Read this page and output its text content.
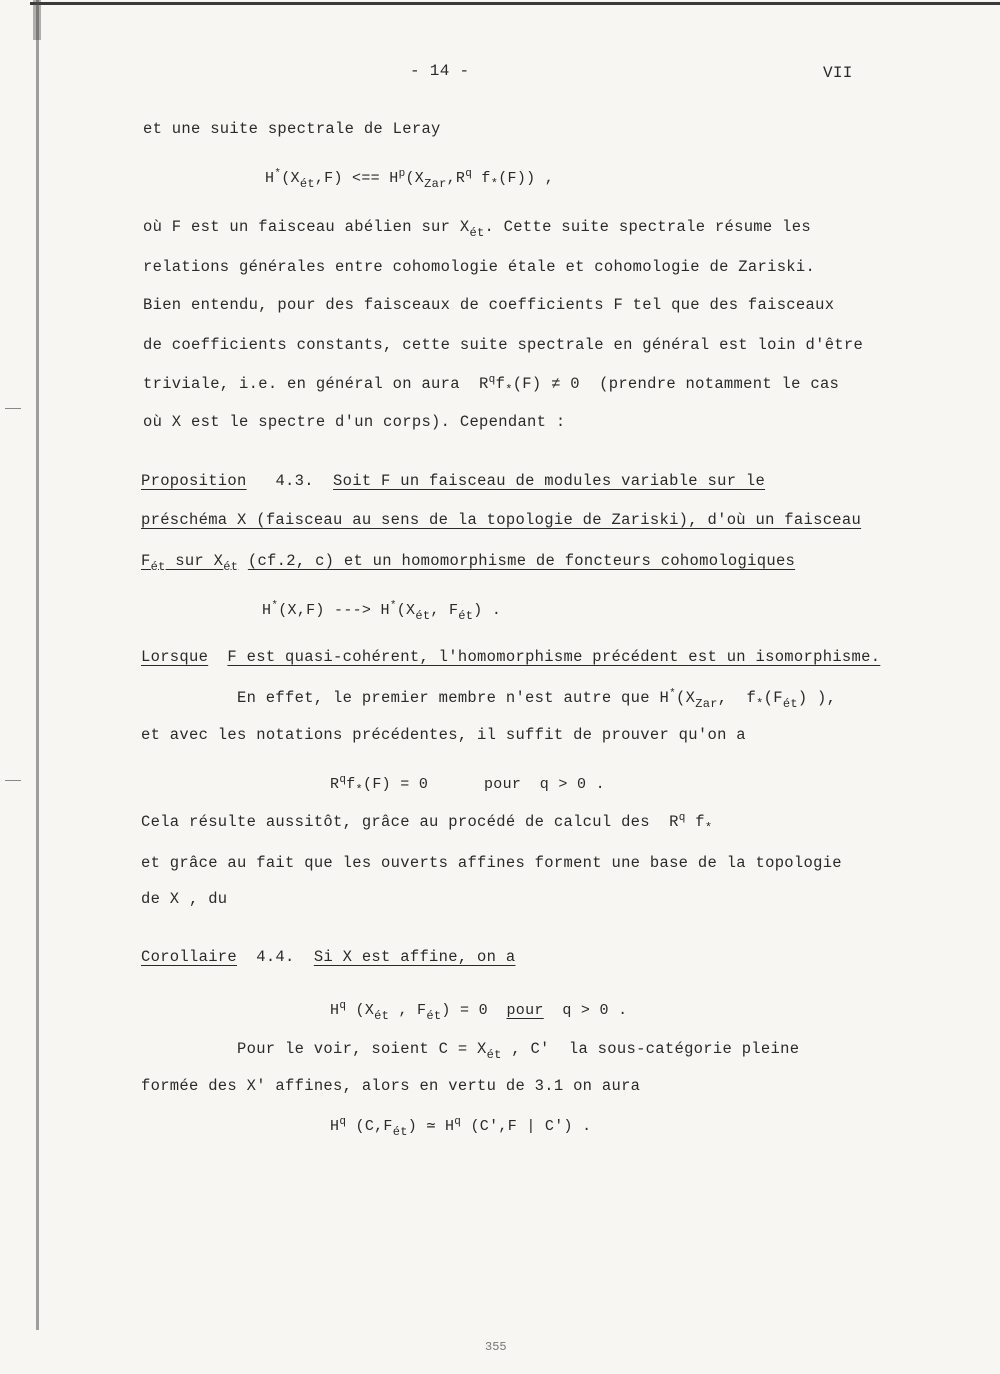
- 14 -	VII
et une suite spectrale de Leray
$H^*(X_{ét},F)$ <== $H^p(X_{Zar},R^q$ $f_*(F)$) ,
où F est un faisceau abélien sur $X_{ét}$. Cette suite spectrale résume les
relations générales entre cohomologie étale et cohomologie de Zariski.
Bien entendu, pour des faisceaux de coefficients F tel que des faisceaux
de coefficients constants, cette suite spectrale en général est loin d'être
triviale, i.e. en général on aura  $R^qf_*(F) \ne 0$  (prendre notamment le cas
où X est le spectre d'un corps). Cependant :
Proposition 4.3. Soit F un faisceau de modules variable sur le
préschéma X (faisceau au sens de la topologie de Zariski), d'où un faisceau
$F_{ét}$ sur $X_{ét}$ (cf.2, c) et un homomorphisme de foncteurs cohomologiques
H*(X,F) ---> $H^*(X_{ét}$, $F_{ét}$) .
Lorsque F est quasi-cohérent, l'homomorphisme précédent est un isomorphisme.
En effet, le premier membre n'est autre que $H^*(X_{Zar}$,  $f_*(F_{ét})$ ),
et avec les notations précédentes, il suffit de prouver qu'on a
$R^qf_*(F) = 0$      pour  q > 0 .
Cela résulte aussitôt, grâce au procédé de calcul des  $R^q$ $f_*$
et grâce au fait que les ouverts affines forment une base de la topologie
de X , du
Corollaire 4.4. Si X est affine, on a
$H^q$ ($X_{ét}$ , $F_{ét}) = 0$  pour  q > 0 .
Pour le voir, soient $C = X_{ét}$ , C'  la sous-catégorie pleine
formée des X' affines, alors en vertu de 3.1 on aura
$H^q$ $(C,F_{ét})$ ≃ $H^q$ (C',F | C') .
355
